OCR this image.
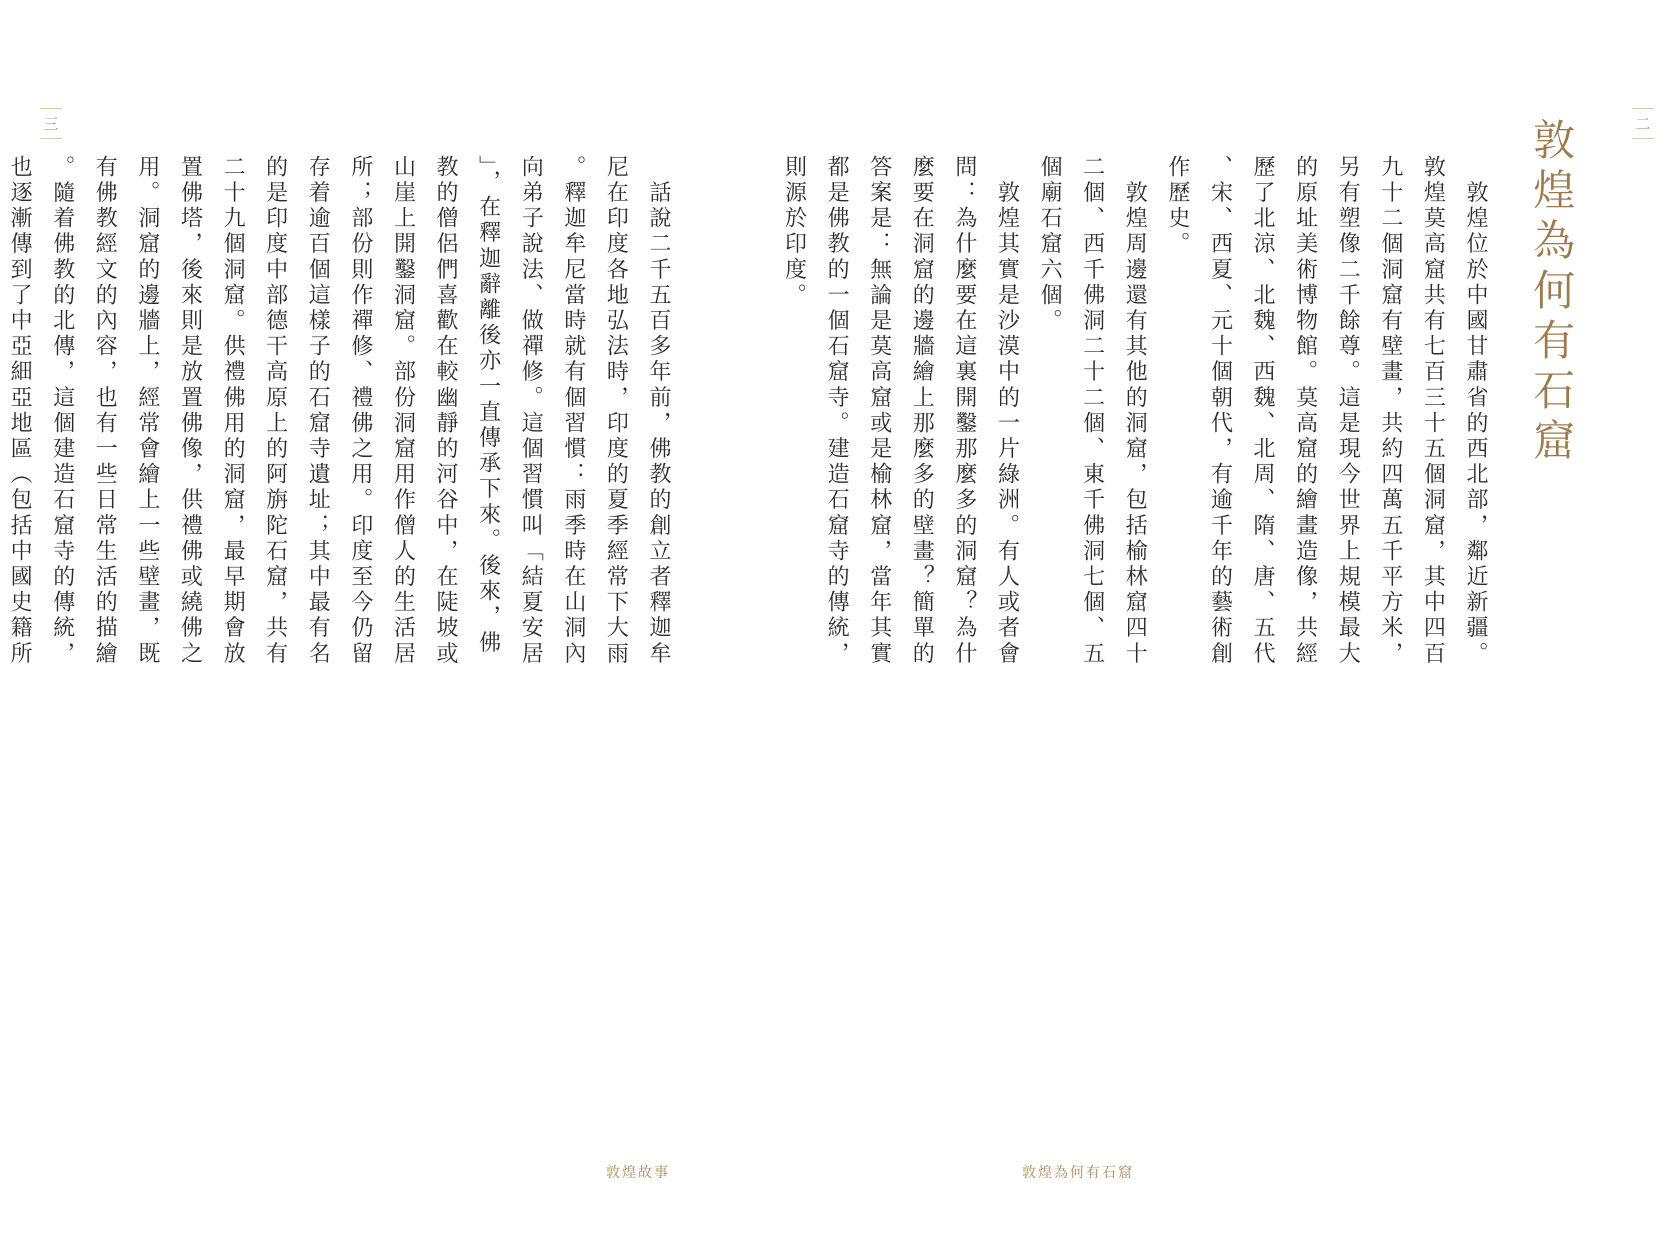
三
　話說二千五百多年前，佛教的創立者釋迦牟
尼在印度各地弘法時，印度的夏季經常下大雨
。釋迦牟尼當時就有個習慣：雨季時在山洞內
向弟子說法、做禪修。這個習慣叫「結夏安居
」，在釋迦辭離後亦一直傳承下來。後來，佛
教的僧侶們喜歡在較幽靜的河谷中，在陡坡或
山崖上開鑿洞窟。部份洞窟用作僧人的生活居
所；部份則作禪修、禮佛之用。印度至今仍留
存着逾百個這樣子的石窟寺遺址；其中最有名
的是印度中部德干高原上的阿旃陀石窟，共有
二十九個洞窟。供禮佛用的洞窟，最早期會放
置佛塔，後來則是放置佛像，供禮佛或繞佛之
用。洞窟的邊牆上，經常會繪上一些壁畫，既
有佛教經文的內容，也有一些日常生活的描繪
。隨着佛教的北傳，這個建造石窟寺的傳統，
也逐漸傳到了中亞細亞地區（包括中國史籍所
敦煌故事
二
敦煌為何有石窟
　敦煌位於中國甘肅省的西北部，鄰近新疆。
敦煌莫高窟共有七百三十五個洞窟，其中四百
九十二個洞窟有壁畫，共約四萬五千平方米，
另有塑像二千餘尊。這是現今世界上規模最大
的原址美術博物館。莫高窟的繪畫造像，共經
歷了北涼、北魏、西魏、北周、隋、唐、五代
、宋、西夏、元十個朝代，有逾千年的藝術創
作歷史。
　敦煌周邊還有其他的洞窟，包括榆林窟四十
二個、西千佛洞二十二個、東千佛洞七個、五
個廟石窟六個。
　敦煌其實是沙漠中的一片綠洲。有人或者會
問：為什麼要在這裏開鑿那麼多的洞窟？為什
麼要在洞窟的邊牆繪上那麼多的壁畫？簡單的
答案是：無論是莫高窟或是榆林窟，當年其實
都是佛教的一個石窟寺。建造石窟寺的傳統，
則源於印度。
敦煌為何有石窟
